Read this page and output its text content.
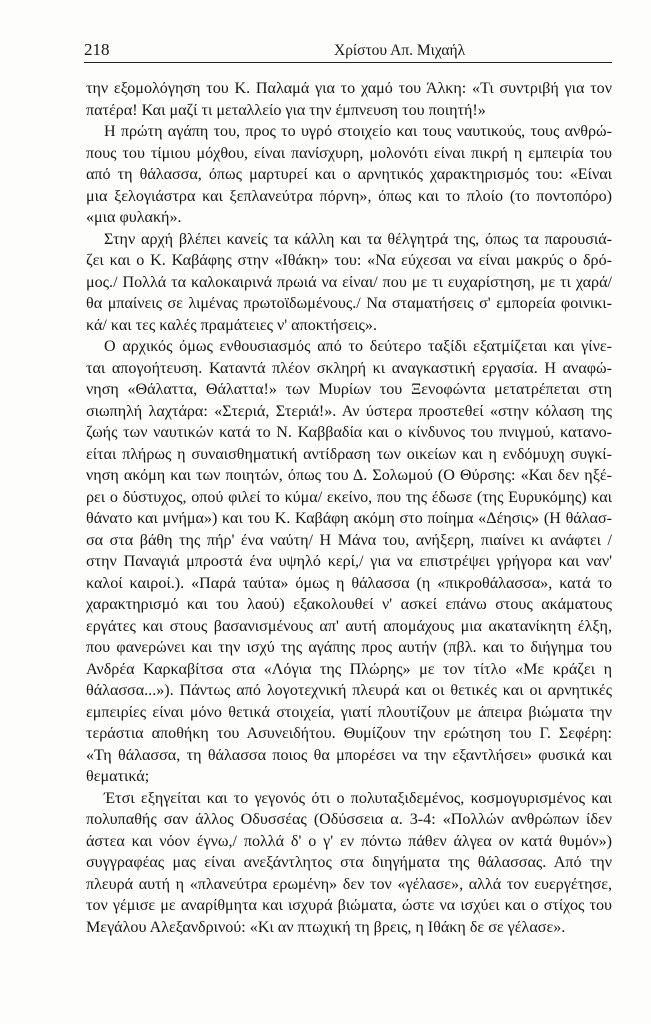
218	Χρίστου Απ. Μιχαήλ
την εξομολόγηση του Κ. Παλαμά για το χαμό του Άλκη: «Τι συντριβή για τον
πατέρα! Και μαζί τι μεταλλείο για την έμπνευση του ποιητή!»
Η πρώτη αγάπη του, προς το υγρό στοιχείο και τους ναυτικούς, τους ανθρώ-
πους του τίμιου μόχθου, είναι πανίσχυρη, μολονότι είναι πικρή η εμπειρία του
από τη θάλασσα, όπως μαρτυρεί και ο αρνητικός χαρακτηρισμός του: «Είναι
μια ξελογιάστρα και ξεπλανεύτρα πόρνη», όπως και το πλοίο (το ποντοπόρο)
«μια φυλακή».
Στην αρχή βλέπει κανείς τα κάλλη και τα θέλγητρά της, όπως τα παρουσιά-
ζει και ο Κ. Καβάφης στην «Ιθάκη» του: «Να εύχεσαι να είναι μακρύς ο δρό-
μος./ Πολλά τα καλοκαιρινά πρωιά να είναι/ που με τι ευχαρίστηση, με τι χαρά/
θα μπαίνεις σε λιμένας πρωτοϊδωμένους./ Να σταματήσεις σ' εμπορεία φοινικι-
κά/ και τες καλές πραμάτειες ν' αποκτήσεις».
Ο αρχικός όμως ενθουσιασμός από το δεύτερο ταξίδι εξατμίζεται και γίνε-
ται απογοήτευση. Καταντά πλέον σκληρή κι αναγκαστική εργασία. Η αναφώ-
νηση «Θάλαττα, Θάλαττα!» των Μυρίων του Ξενοφώντα μετατρέπεται στη
σιωπηλή λαχτάρα: «Στεριά, Στεριά!». Αν ύστερα προστεθεί «στην κόλαση της
ζωής των ναυτικών κατά το Ν. Καββαδία και ο κίνδυνος του πνιγμού, κατανο-
είται πλήρως η συναισθηματική αντίδραση των οικείων και η ενδόμυχη συγκί-
νηση ακόμη και των ποιητών, όπως του Δ. Σολωμού (Ο Θύρσης: «Και δεν ηξέ-
ρει ο δύστυχος, οπού φιλεί το κύμα/ εκείνο, που της έδωσε (της Ευρυκόμης) και
θάνατο και μνήμα») και του Κ. Καβάφη ακόμη στο ποίημα «Δέησις» (Η θάλασ-
σα στα βάθη της πήρ' ένα ναύτη/ Η Μάνα του, ανήξερη, πιαίνει κι ανάφτει /
στην Παναγιά μπροστά ένα υψηλό κερί,/ για να επιστρέψει γρήγορα και ναν'
καλοί καιροί.). «Παρά ταύτα» όμως η θάλασσα (η «πικροθάλασσα», κατά το
χαρακτηρισμό και του λαού) εξακολουθεί ν' ασκεί επάνω στους ακάματους
εργάτες και στους βασανισμένους απ' αυτή απομάχους μια ακατανίκητη έλξη,
που φανερώνει και την ισχύ της αγάπης προς αυτήν (πβλ. και το διήγημα του
Ανδρέα Καρκαβίτσα στα «Λόγια της Πλώρης» με τον τίτλο «Με κράζει η
θάλασσα...»). Πάντως από λογοτεχνική πλευρά και οι θετικές και οι αρνητικές
εμπειρίες είναι μόνο θετικά στοιχεία, γιατί πλουτίζουν με άπειρα βιώματα την
τεράστια αποθήκη του Ασυνειδήτου. Θυμίζουν την ερώτηση του Γ. Σεφέρη:
«Τη θάλασσα, τη θάλασσα ποιος θα μπορέσει να την εξαντλήσει» φυσικά και
θεματικά;
Έτσι εξηγείται και το γεγονός ότι ο πολυταξιδεμένος, κοσμογυρισμένος και
πολυπαθής σαν άλλος Οδυσσέας (Οδύσσεια α. 3-4: «Πολλών ανθρώπων ίδεν
άστεα και νόον έγνω,/ πολλά δ' ο γ' εν πόντω πάθεν άλγεα ον κατά θυμόν»)
συγγραφέας μας είναι ανεξάντλητος στα διηγήματα της θάλασσας. Από την
πλευρά αυτή η «πλανεύτρα ερωμένη» δεν τον «γέλασε», αλλά τον ευεργέτησε,
τον γέμισε με αναρίθμητα και ισχυρά βιώματα, ώστε να ισχύει και ο στίχος του
Μεγάλου Αλεξανδρινού: «Κι αν πτωχική τη βρεις, η Ιθάκη δε σε γέλασε».
